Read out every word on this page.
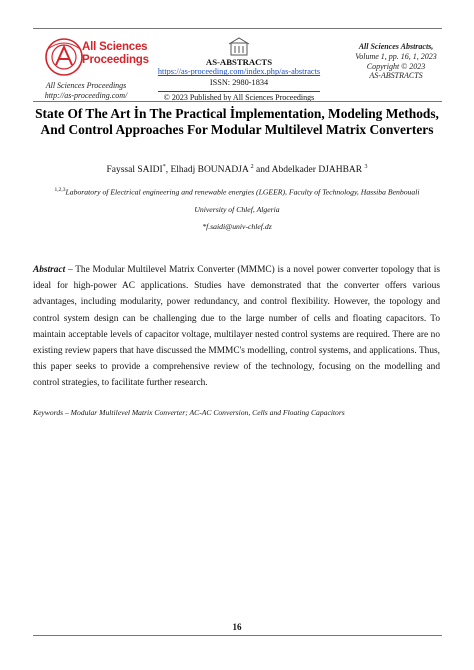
All Sciences
Proceedings
All Sciences Proceedings
http://as-proceeding.com/
AS-ABSTRACTS
https://as-proceeding.com/index.php/as-abstracts
ISSN: 2980-1834
© 2023 Published by All Sciences Proceedings
All Sciences Abstracts,
Volume 1, pp. 16, 1, 2023
Copyright © 2023
AS-ABSTRACTS
State Of The Art İn The Practical İmplementation, Modeling Methods, And Control Approaches For Modular Multilevel Matrix Converters
Fayssal SAIDI*, Elhadj BOUNADJA $^2$ and Abdelkader DJAHBAR $^3$
$^{1,2,3}$Laboratory of Electrical engineering and renewable energies (LGEER), Faculty of Technology, Hassiba Benbouali
University of Chlef, Algeria
*f.saidi@univ-chlef.dz
Abstract – The Modular Multilevel Matrix Converter (MMMC) is a novel power converter topology that is ideal for high-power AC applications. Studies have demonstrated that the converter offers various advantages, including modularity, power redundancy, and control flexibility. However, the topology and control system design can be challenging due to the large number of cells and floating capacitors. To maintain acceptable levels of capacitor voltage, multilayer nested control systems are required. There are no existing review papers that have discussed the MMMC's modelling, control systems, and applications. Thus, this paper seeks to provide a comprehensive review of the technology, focusing on the modelling and control strategies, to facilitate further research.
Keywords – Modular Multilevel Matrix Converter; AC-AC Conversion, Cells and Floating Capacitors
16
